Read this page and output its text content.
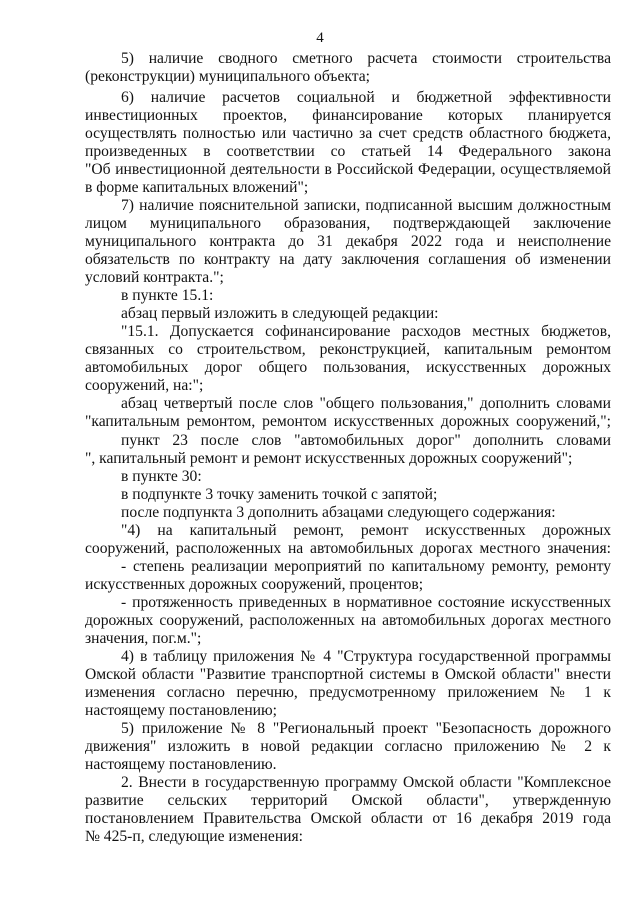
4
5) наличие сводного сметного расчета стоимости строительства
(реконструкции) муниципального объекта;
6) наличие расчетов социальной и бюджетной эффективности
инвестиционных проектов, финансирование которых планируется
осуществлять полностью или частично за счет средств областного бюджета,
произведенных в соответствии со статьей 14 Федерального закона
"Об инвестиционной деятельности в Российской Федерации, осуществляемой
в форме капитальных вложений";
7) наличие пояснительной записки, подписанной высшим должностным
лицом муниципального образования, подтверждающей заключение
муниципального контракта до 31 декабря 2022 года и неисполнение
обязательств по контракту на дату заключения соглашения об изменении
условий контракта.";
в пункте 15.1:
абзац первый изложить в следующей редакции:
"15.1. Допускается софинансирование расходов местных бюджетов,
связанных со строительством, реконструкцией, капитальным ремонтом
автомобильных дорог общего пользования, искусственных дорожных
сооружений, на:";
абзац четвертый после слов "общего пользования," дополнить словами
"капитальным ремонтом, ремонтом искусственных дорожных сооружений,";
пункт 23 после слов "автомобильных дорог" дополнить словами
", капитальный ремонт и ремонт искусственных дорожных сооружений";
в пункте 30:
в подпункте 3 точку заменить точкой с запятой;
после подпункта 3 дополнить абзацами следующего содержания:
"4) на капитальный ремонт, ремонт искусственных дорожных
сооружений, расположенных на автомобильных дорогах местного значения:
- степень реализации мероприятий по капитальному ремонту, ремонту
искусственных дорожных сооружений, процентов;
- протяженность приведенных в нормативное состояние искусственных
дорожных сооружений, расположенных на автомобильных дорогах местного
значения, пог.м.";
4) в таблицу приложения № 4 "Структура государственной программы
Омской области "Развитие транспортной системы в Омской области" внести
изменения согласно перечню, предусмотренному приложением № 1 к
настоящему постановлению;
5) приложение № 8 "Региональный проект "Безопасность дорожного
движения" изложить в новой редакции согласно приложению № 2 к
настоящему постановлению.
2. Внести в государственную программу Омской области "Комплексное
развитие сельских территорий Омской области", утвержденную
постановлением Правительства Омской области от 16 декабря 2019 года
№ 425-п, следующие изменения:
